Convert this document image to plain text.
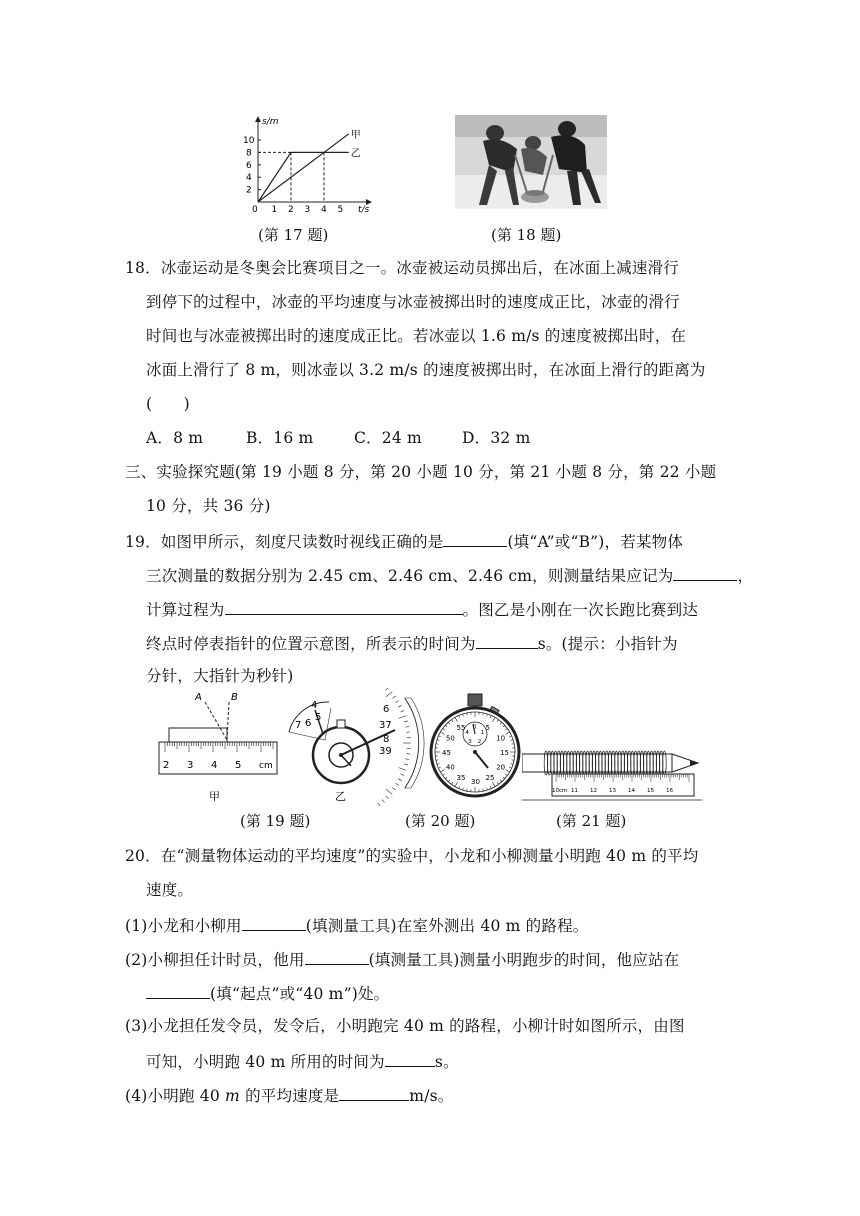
s/m
t/s
0 1 2 3 4 5
2
4
6
8
10
甲
乙
(第 17 题)	(第 18 题)
18．冰壶运动是冬奥会比赛项目之一。冰壶被运动员掷出后，在冰面上减速滑行
到停下的过程中，冰壶的平均速度与冰壶被掷出时的速度成正比，冰壶的滑行
时间也与冰壶被掷出时的速度成正比。若冰壶以 1.6 m/s 的速度被掷出时，在
冰面上滑行了 8 m，则冰壶以 3.2 m/s 的速度被掷出时，在冰面上滑行的距离为
(　　)
A．8 m	B．16 m	C．24 m	D．32 m
三、实验探究题(第 19 小题 8 分，第 20 小题 10 分，第 21 小题 8 分，第 22 小题
10 分，共 36 分)
19．如图甲所示，刻度尺读数时视线正确的是	(填“A”或“B”)，若某物体
三次测量的数据分别为 2.45 cm、2.46 cm、2.46 cm，则测量结果应记为	，
计算过程为	。图乙是小刚在一次长跑比赛到达
终点时停表指针的位置示意图，所表示的时间为	s。(提示：小指针为
分针，大指针为秒针)
2 3 4 5 cm
A	B
甲
4
5
6
7
6
37
8
39
乙
(第 19 题)
55	5
10
15
20
25
30
35
40
45
50
0
1
2
3
4
(第 20 题)
10cm 11 12 13 14 15 16
(第 21 题)
20．在“测量物体运动的平均速度”的实验中，小龙和小柳测量小明跑 40 m 的平均
速度。
(1)小龙和小柳用	(填测量工具)在室外测出 40 m 的路程。
(2)小柳担任计时员，他用	(填测量工具)测量小明跑步的时间，他应站在
(填“起点”或“40 m”)处。
(3)小龙担任发令员，发令后，小明跑完 40 m 的路程，小柳计时如图所示，由图
可知，小明跑 40 m 所用的时间为	s。
(4)小明跑 40 m 的平均速度是	m/s。
